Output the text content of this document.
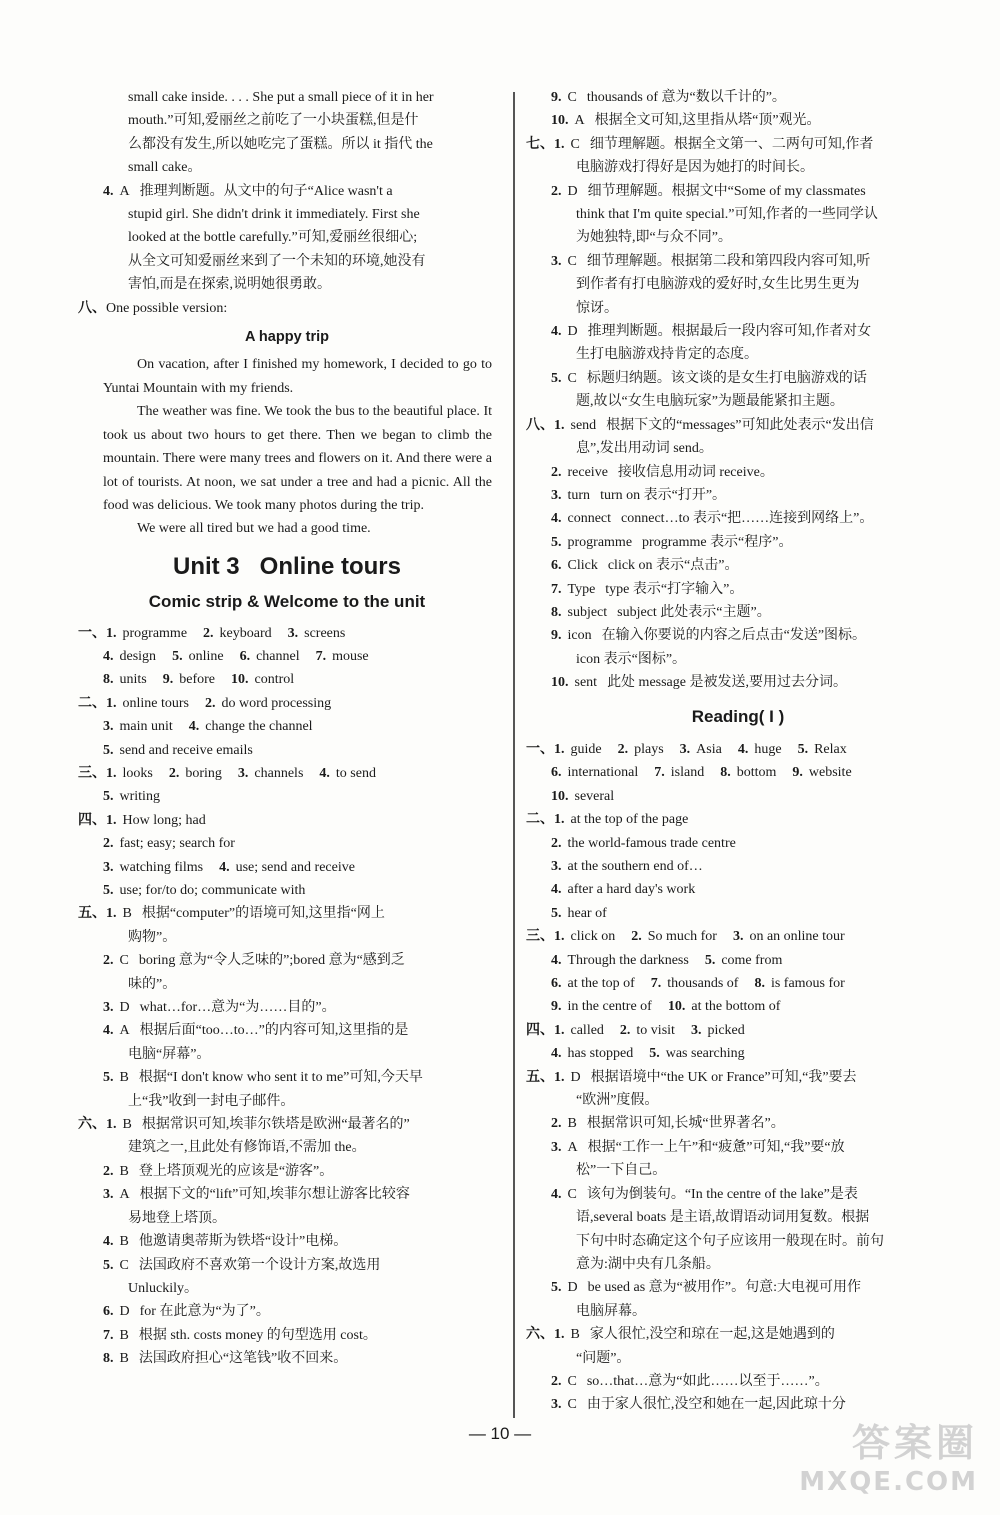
small cake inside. . . . She put a small piece of it in her
mouth.”可知,爱丽丝之前吃了一小块蛋糕,但是什
么都没有发生,所以她吃完了蛋糕。所以 it 指代 the
small cake。
4. A 推理判断题。从文中的句子“Alice wasn't a
stupid girl. She didn't drink it immediately. First she
looked at the bottle carefully.”可知,爱丽丝很细心;
从全文可知爱丽丝来到了一个未知的环境,她没有
害怕,而是在探索,说明她很勇敢。
八、 One possible version:
A happy trip
On vacation, after I finished my homework, I decided to go to Yuntai Mountain with my friends.
The weather was fine. We took the bus to the beautiful place. It took us about two hours to get there. Then we began to climb the mountain. There were many trees and flowers on it. And there were a lot of tourists. At noon, we sat under a tree and had a picnic. All the food was delicious. We took many photos during the trip.
We were all tired but we had a good time.
Unit 3   Online tours
Comic strip & Welcome to the unit
一、 1. programme 2. keyboard 3. screens
4. design 5. online 6. channel 7. mouse
8. units 9. before 10. control
二、 1. online tours 2. do word processing
3. main unit 4. change the channel
5. send and receive emails
三、 1. looks 2. boring 3. channels 4. to send
5. writing
四、 1. How long; had
2. fast; easy; search for
3. watching films 4. use; send and receive
5. use; for/to do; communicate with
五、 1. B 根据“computer”的语境可知,这里指“网上
购物”。
2. C boring 意为“令人乏味的”;bored 意为“感到乏
味的”。
3. D what…for…意为“为……目的”。
4. A 根据后面“too…to…”的内容可知,这里指的是
电脑“屏幕”。
5. B 根据“I don't know who sent it to me”可知,今天早
上“我”收到一封电子邮件。
六、 1. B 根据常识可知,埃菲尔铁塔是欧洲“最著名的”
建筑之一,且此处有修饰语,不需加 the。
2. B 登上塔顶观光的应该是“游客”。
3. A 根据下文的“lift”可知,埃菲尔想让游客比较容
易地登上塔顶。
4. B 他邀请奥蒂斯为铁塔“设计”电梯。
5. C 法国政府不喜欢第一个设计方案,故选用
Unluckily。
6. D for 在此意为“为了”。
7. B 根据 sth. costs money 的句型选用 cost。
8. B 法国政府担心“这笔钱”收不回来。
9. C thousands of 意为“数以千计的”。
10. A 根据全文可知,这里指从塔“顶”观光。
七、 1. C 细节理解题。根据全文第一、二两句可知,作者
电脑游戏打得好是因为她打的时间长。
2. D 细节理解题。根据文中“Some of my classmates
think that I'm quite special.”可知,作者的一些同学认
为她独特,即“与众不同”。
3. C 细节理解题。根据第二段和第四段内容可知,听
到作者有打电脑游戏的爱好时,女生比男生更为
惊讶。
4. D 推理判断题。根据最后一段内容可知,作者对女
生打电脑游戏持肯定的态度。
5. C 标题归纳题。该文谈的是女生打电脑游戏的话
题,故以“女生电脑玩家”为题最能紧扣主题。
八、 1. send 根据下文的“messages”可知此处表示“发出信
息”,发出用动词 send。
2. receive 接收信息用动词 receive。
3. turn turn on 表示“打开”。
4. connect connect…to 表示“把……连接到网络上”。
5. programme programme 表示“程序”。
6. Click click on 表示“点击”。
7. Type type 表示“打字输入”。
8. subject subject 此处表示“主题”。
9. icon 在输入你要说的内容之后点击“发送”图标。
icon 表示“图标”。
10. sent 此处 message 是被发送,要用过去分词。
Reading( I )
一、 1. guide 2. plays 3. Asia 4. huge 5. Relax
6. international 7. island 8. bottom 9. website
10. several
二、 1. at the top of the page
2. the world-famous trade centre
3. at the southern end of…
4. after a hard day's work
5. hear of
三、 1. click on 2. So much for 3. on an online tour
4. Through the darkness 5. come from
6. at the top of 7. thousands of 8. is famous for
9. in the centre of 10. at the bottom of
四、 1. called 2. to visit 3. picked
4. has stopped 5. was searching
五、 1. D 根据语境中“the UK or France”可知,“我”要去
“欧洲”度假。
2. B 根据常识可知,长城“世界著名”。
3. A 根据“工作一上午”和“疲惫”可知,“我”要“放
松”一下自己。
4. C 该句为倒装句。“In the centre of the lake”是表
语,several boats 是主语,故谓语动词用复数。根据
下句中时态确定这个句子应该用一般现在时。前句
意为:湖中央有几条船。
5. D be used as 意为“被用作”。句意:大电视可用作
电脑屏幕。
六、 1. B 家人很忙,没空和琼在一起,这是她遇到的
“问题”。
2. C so…that…意为“如此……以至于……”。
3. C 由于家人很忙,没空和她在一起,因此琼十分
— 10 —	答案圈
MXQE.COM
